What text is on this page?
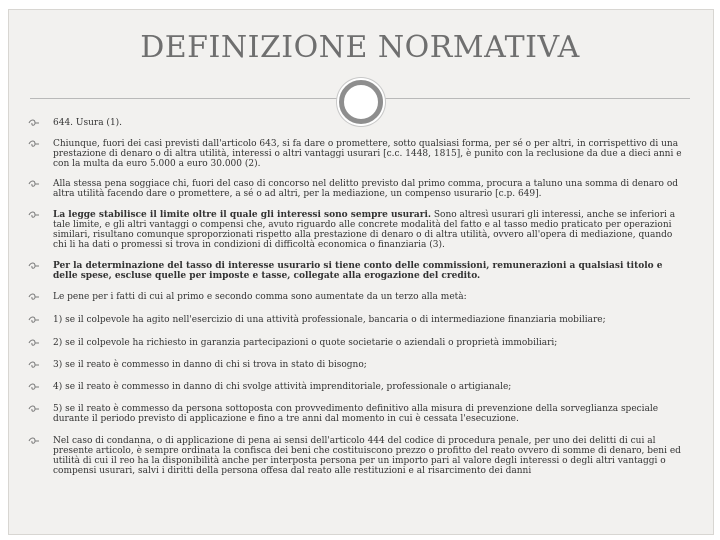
DEFINIZIONE NORMATIVA
644. Usura (1).
Chiunque, fuori dei casi previsti dall'articolo 643, si fa dare o promettere, sotto qualsiasi forma, per sé o per altri, in corrispettivo di una prestazione di denaro o di altra utilità, interessi o altri vantaggi usurari [c.c. 1448, 1815], è punito con la reclusione da due a dieci anni e con la multa da euro 5.000 a euro 30.000 (2).
Alla stessa pena soggiace chi, fuori del caso di concorso nel delitto previsto dal primo comma, procura a taluno una somma di denaro od altra utilità facendo dare o promettere, a sé o ad altri, per la mediazione, un compenso usurario [c.p. 649].
La legge stabilisce il limite oltre il quale gli interessi sono sempre usurari. Sono altresì usurari gli interessi, anche se inferiori a tale limite, e gli altri vantaggi o compensi che, avuto riguardo alle concrete modalità del fatto e al tasso medio praticato per operazioni similari, risultano comunque sproporzionati rispetto alla prestazione di denaro o di altra utilità, ovvero all'opera di mediazione, quando chi li ha dati o promessi si trova in condizioni di difficoltà economica o finanziaria (3).
Per la determinazione del tasso di interesse usurario si tiene conto delle commissioni, remunerazioni a qualsiasi titolo e delle spese, escluse quelle per imposte e tasse, collegate alla erogazione del credito.
Le pene per i fatti di cui al primo e secondo comma sono aumentate da un terzo alla metà:
1) se il colpevole ha agito nell'esercizio di una attività professionale, bancaria o di intermediazione finanziaria mobiliare;
2) se il colpevole ha richiesto in garanzia partecipazioni o quote societarie o aziendali o proprietà immobiliari;
3) se il reato è commesso in danno di chi si trova in stato di bisogno;
4) se il reato è commesso in danno di chi svolge attività imprenditoriale, professionale o artigianale;
5) se il reato è commesso da persona sottoposta con provvedimento definitivo alla misura di prevenzione della sorveglianza speciale durante il periodo previsto di applicazione e fino a tre anni dal momento in cui è cessata l'esecuzione.
Nel caso di condanna, o di applicazione di pena ai sensi dell'articolo 444 del codice di procedura penale, per uno dei delitti di cui al presente articolo, è sempre ordinata la confisca dei beni che costituiscono prezzo o profitto del reato ovvero di somme di denaro, beni ed utilità di cui il reo ha la disponibilità anche per interposta persona per un importo pari al valore degli interessi o degli altri vantaggi o compensi usurari, salvi i diritti della persona offesa dal reato alle restituzioni e al risarcimento dei danni
